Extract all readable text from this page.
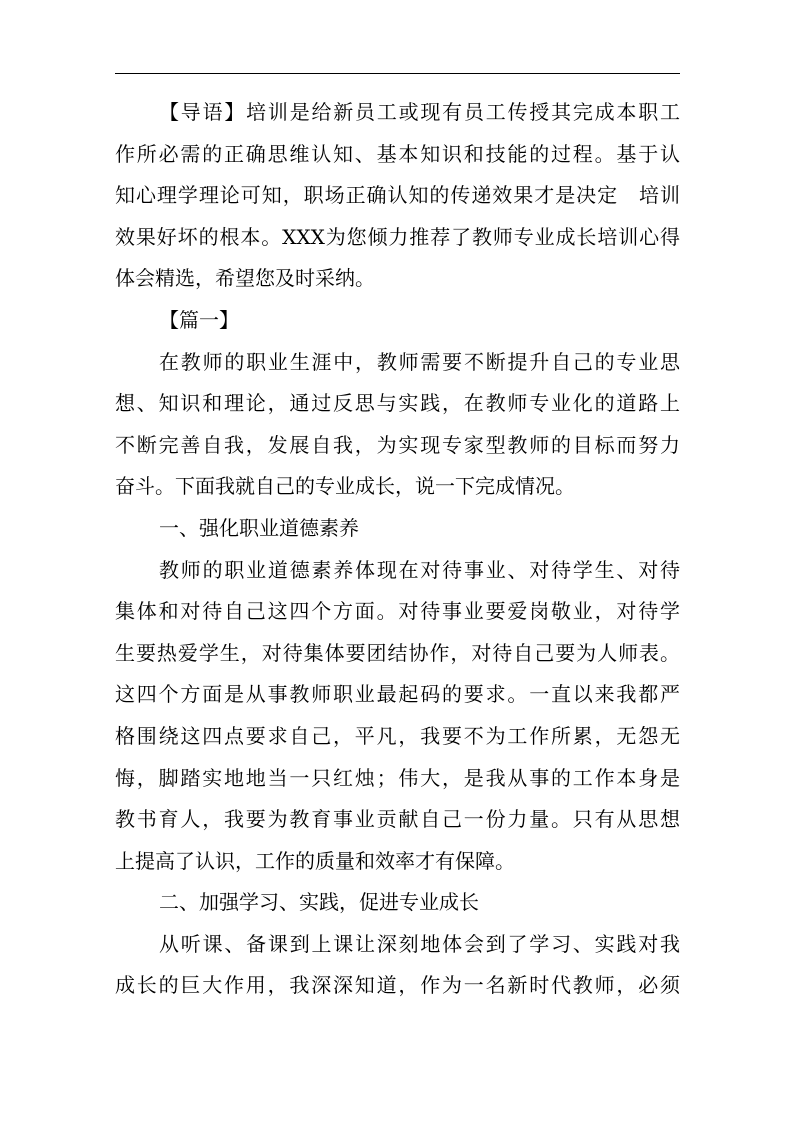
【导语】培训是给新员工或现有员工传授其完成本职工
作所必需的正确思维认知、基本知识和技能的过程。基于认
知心理学理论可知，职场正确认知的传递效果才是决定　培训
效果好坏的根本。XXX为您倾力推荐了教师专业成长培训心得
体会精选，希望您及时采纳。
【篇一】
在教师的职业生涯中，教师需要不断提升自己的专业思
想、知识和理论，通过反思与实践，在教师专业化的道路上
不断完善自我，发展自我，为实现专家型教师的目标而努力
奋斗。下面我就自己的专业成长，说一下完成情况。
一、强化职业道德素养
教师的职业道德素养体现在对待事业、对待学生、对待
集体和对待自己这四个方面。对待事业要爱岗敬业，对待学
生要热爱学生，对待集体要团结协作，对待自己要为人师表。
这四个方面是从事教师职业最起码的要求。一直以来我都严
格围绕这四点要求自己，平凡，我要不为工作所累，无怨无
悔，脚踏实地地当一只红烛；伟大，是我从事的工作本身是
教书育人，我要为教育事业贡献自己一份力量。只有从思想
上提高了认识，工作的质量和效率才有保障。
二、加强学习、实践，促进专业成长
从听课、备课到上课让深刻地体会到了学习、实践对我
成长的巨大作用，我深深知道，作为一名新时代教师，必须
